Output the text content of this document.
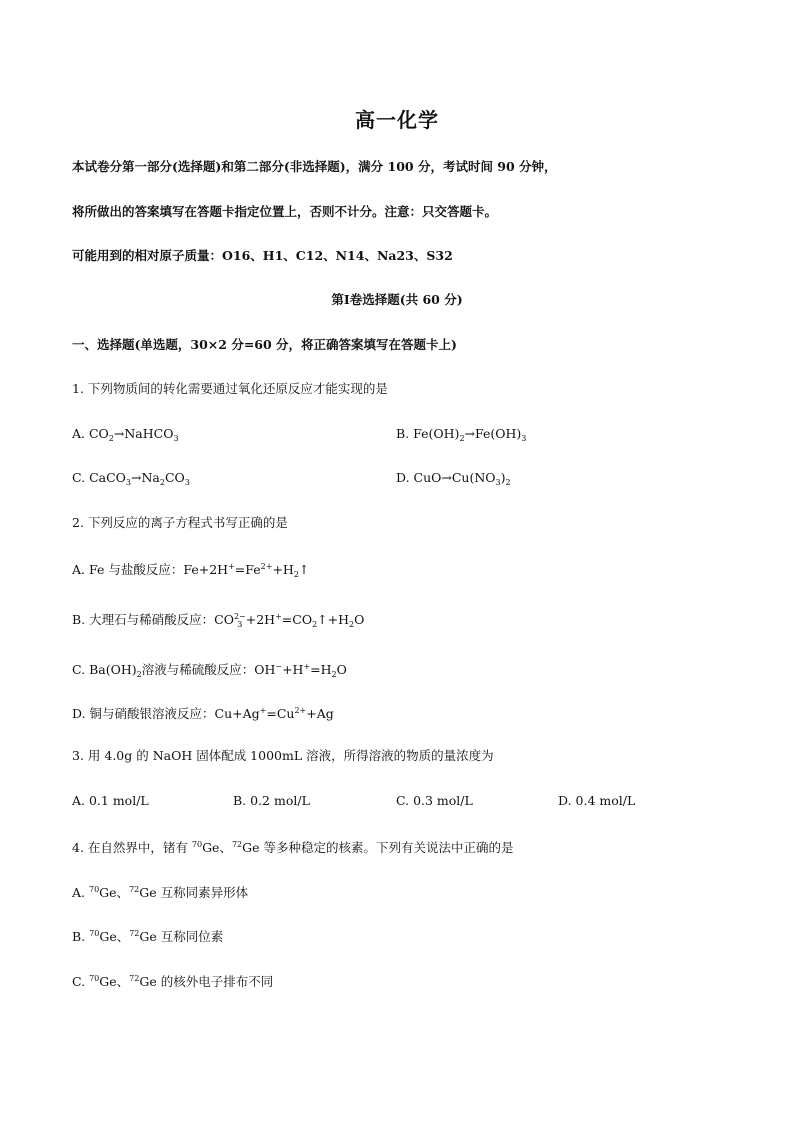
高一化学
本试卷分第一部分(选择题)和第二部分(非选择题)，满分 100 分，考试时间 90 分钟，
将所做出的答案填写在答题卡指定位置上，否则不计分。注意：只交答题卡。
可能用到的相对原子质量：O16、H1、C12、N14、Na23、S32
第Ⅰ卷选择题(共 60 分)
一、选择题(单选题，30×2 分=60 分，将正确答案填写在答题卡上)
1. 下列物质间的转化需要通过氧化还原反应才能实现的是
A. $CO_2\to NaHCO_3$	B. $Fe(OH)_2\to Fe(OH)_3$
C. $CaCO_3\to Na_2CO_3$	D. $CuO\to Cu(NO_3)_2$
2. 下列反应的离子方程式书写正确的是
A. Fe 与盐酸反应：$Fe+2H^+=Fe^{2+}+H_2↑$
B. 大理石与稀硝酸反应：CO 2−
$3 +2H^+=CO_2↑+H_2O$
C. $Ba(OH)_2$溶液与稀硫酸反应：$OH^-+H^+=H_2O$
D. 铜与硝酸银溶液反应：$Cu+Ag^+=Cu^{2+}+Ag$
3. 用 4.0g 的 NaOH 固体配成 1000mL 溶液，所得溶液的物质的量浓度为
A. 0.1 mol/L	B. 0.2 mol/L	C. 0.3 mol/L	D. 0.4 mol/L
4. 在自然界中，锗有 $^{70}$Ge、$^{72}$Ge 等多种稳定的核素。下列有关说法中正确的是
A. $^{70}$Ge、$^{72}$Ge 互称同素异形体
B. $^{70}$Ge、$^{72}$Ge 互称同位素
C. $^{70}$Ge、$^{72}$Ge 的核外电子排布不同
